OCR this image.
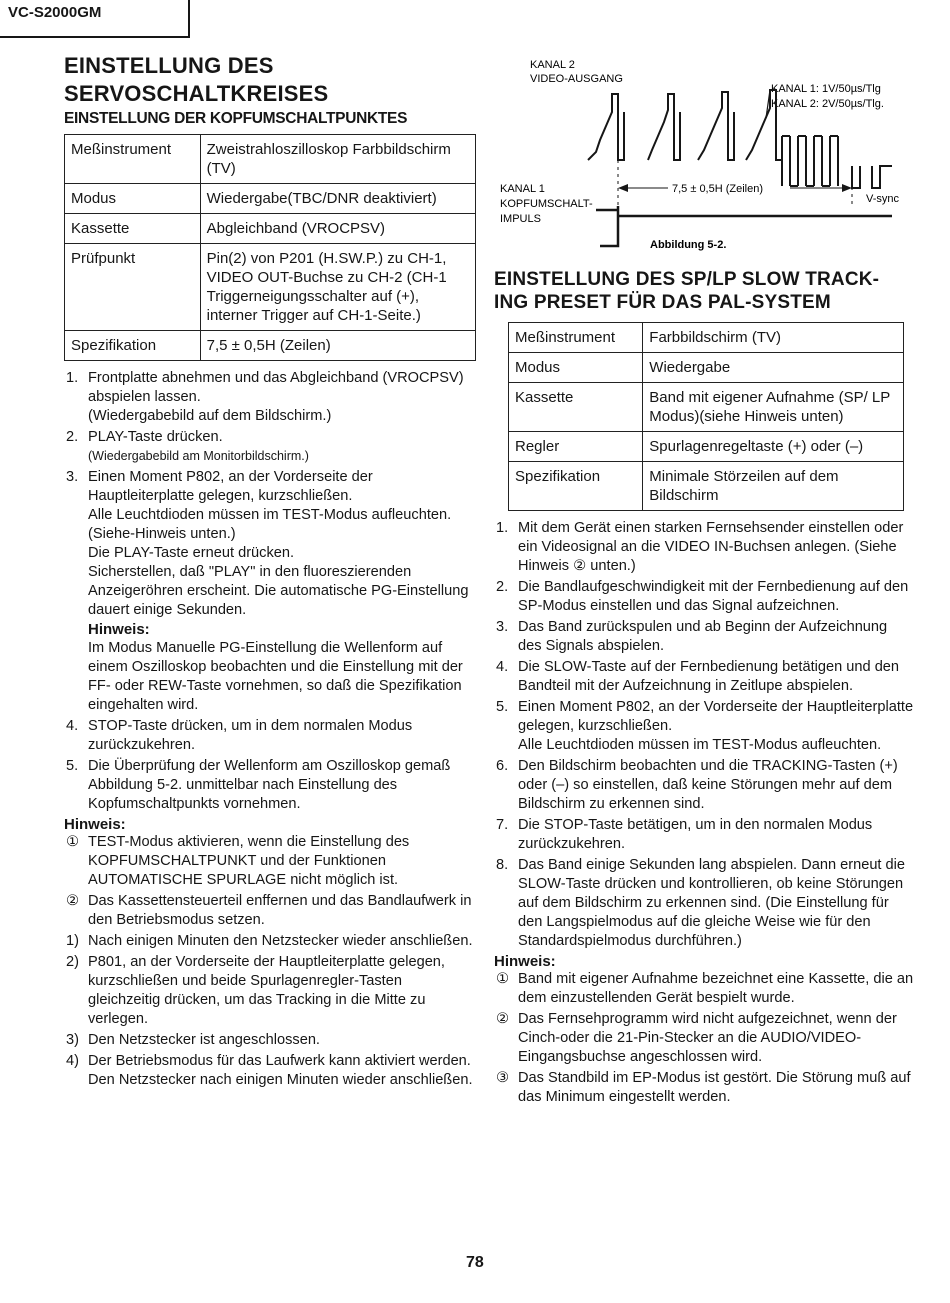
VC-S2000GM
EINSTELLUNG DES
SERVOSCHALTKREISES
EINSTELLUNG DER KOPFUMSCHALTPUNKTES
Meßinstrument	Zweistrahloszilloskop Farbbildschirm (TV)
Modus	Wiedergabe(TBC/DNR deaktiviert)
Kassette	Abgleichband (VROCPSV)
Prüfpunkt	Pin(2) von P201 (H.SW.P.) zu CH-1, VIDEO OUT-Buchse zu CH-2 (CH-1 Triggerneigungsschalter auf (+), interner Trigger auf CH-1-Seite.)
Spezifikation	7,5 ± 0,5H (Zeilen)
1. Frontplatte abnehmen und das Abgleichband (VROCPSV) abspielen lassen.

(Wiedergabebild auf dem Bildschirm.)

2. PLAY-Taste drücken.

(Wiedergabebild am Monitorbildschirm.)

3. Einen Moment P802, an der Vorderseite der Hauptleiterplatte gelegen, kurzschließen.

Alle Leuchtdioden müssen im TEST-Modus aufleuchten. (Siehe-Hinweis unten.)

Die PLAY-Taste erneut drücken.

Sicherstellen, daß "PLAY" in den fluoreszierenden Anzeigeröhren erscheint. Die automatische PG-Einstellung dauert einige Sekunden.

Hinweis:

Im Modus Manuelle PG-Einstellung die Wellenform auf einem Oszilloskop beobachten und die Einstellung mit der FF- oder REW-Taste vornehmen, so daß die Spezifikation eingehalten wird.

4. STOP-Taste drücken, um in dem normalen Modus zurückzukehren.

5. Die Überprüfung der Wellenform am Oszilloskop gemaß Abbildung 5-2. unmittelbar nach Einstellung des Kopfumschaltpunkts vornehmen.

Hinweis:

① TEST-Modus aktivieren, wenn die Einstellung des KOPFUMSCHALTPUNKT und der Funktionen AUTOMATISCHE SPURLAGE nicht möglich ist.

② Das Kassettensteuerteil enffernen und das Bandlaufwerk in den Betriebsmodus setzen.

1) Nach einigen Minuten den Netzstecker wieder anschließen.

2) P801, an der Vorderseite der Hauptleiterplatte gelegen, kurzschließen und beide Spurlagenregler-Tasten gleichzeitig drücken, um das Tracking in die Mitte zu verlegen.

3) Den Netzstecker ist angeschlossen.

4) Der Betriebsmodus für das Laufwerk kann aktiviert werden.

Den Netzstecker nach einigen Minuten wieder anschließen.

KANAL 2
VIDEO-AUSGANG
KANAL 1: 1V/50µs/Tlg
KANAL 2: 2V/50µs/Tlg.
7,5 ± 0,5H (Zeilen)
V-sync
KANAL 1
KOPFUMSCHALT-
IMPULS
Abbildung 5-2.
EINSTELLUNG DES SP/LP SLOW TRACK-
ING PRESET FÜR DAS PAL-SYSTEM
Meßinstrument	Farbbildschirm (TV)
Modus	Wiedergabe
Kassette	Band mit eigener Aufnahme (SP/ LP Modus)(siehe Hinweis unten)
Regler	Spurlagenregeltaste (+) oder (–)
Spezifikation	Minimale Störzeilen auf dem Bildschirm
1. Mit dem Gerät einen starken Fernsehsender einstellen oder ein Videosignal an die VIDEO IN-Buchsen anlegen. (Siehe Hinweis ② unten.)

2. Die Bandlaufgeschwindigkeit mit der Fernbedienung auf den SP-Modus einstellen und das Signal aufzeichnen.

3. Das Band zurückspulen und ab Beginn der Aufzeichnung des Signals abspielen.

4. Die SLOW-Taste auf der Fernbedienung betätigen und den Bandteil mit der Aufzeichnung in Zeitlupe abspielen.

5. Einen Moment P802, an der Vorderseite der Hauptleiterplatte gelegen, kurzschließen.

Alle Leuchtdioden müssen im TEST-Modus aufleuchten.

6. Den Bildschirm beobachten und die TRACKING-Tasten (+) oder (–) so einstellen, daß keine Störungen mehr auf dem Bildschirm zu erkennen sind.

7. Die STOP-Taste betätigen, um in den normalen Modus zurückzukehren.

8. Das Band einige Sekunden lang abspielen. Dann erneut die SLOW-Taste drücken und kontrollieren, ob keine Störungen auf dem Bildschirm zu erkennen sind. (Die Einstellung für den Langspielmodus auf die gleiche Weise wie für den Standardspielmodus durchführen.)

Hinweis:

① Band mit eigener Aufnahme bezeichnet eine Kassette, die an dem einzustellenden Gerät bespielt wurde.

② Das Fernsehprogramm wird nicht aufgezeichnet, wenn der Cinch-oder die 21-Pin-Stecker an die AUDIO/VIDEO-Eingangsbuchse angeschlossen wird.

③ Das Standbild im EP-Modus ist gestört. Die Störung muß auf das Minimum eingestellt werden.

78
